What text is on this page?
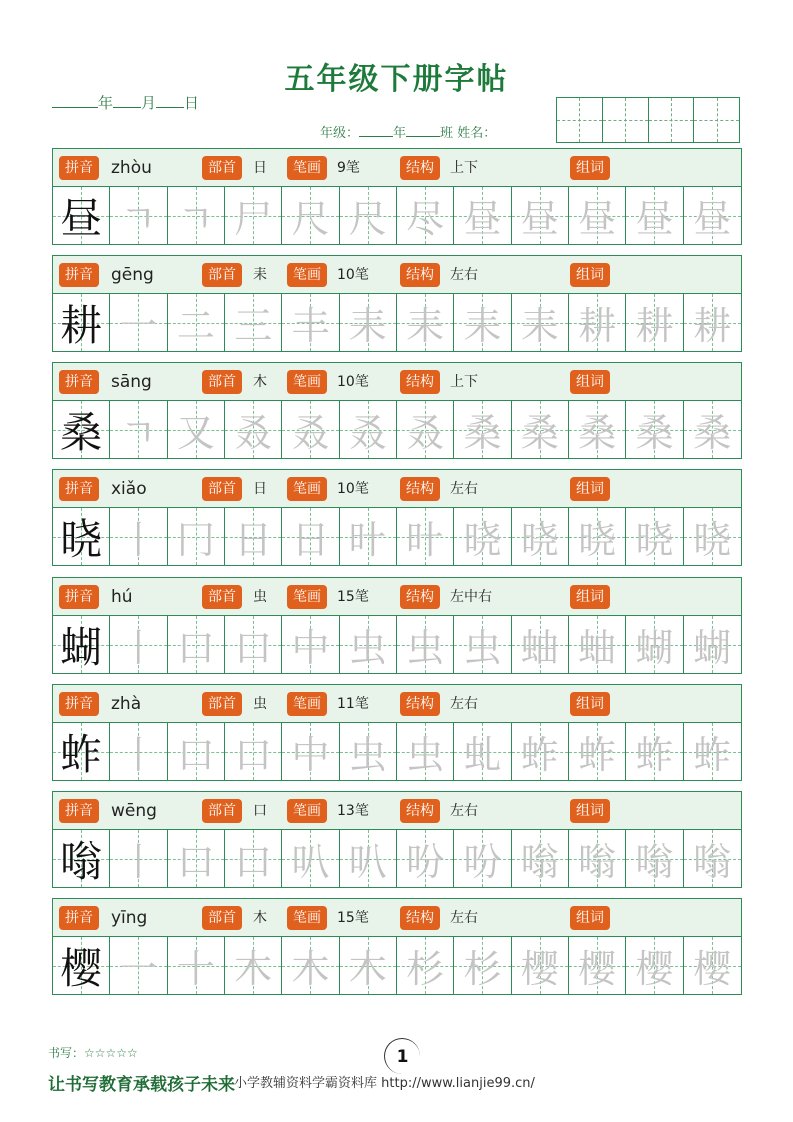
五年级下册字帖
年 月 日
年级：	年	班 姓名：
拼音	zhòu	部首	日	笔画	9笔	结构	上下	组词
昼 ㄱ ㄱ 尸 尺 尺 尽 昼 昼 昼 昼 昼
拼音	gēng	部首	耒	笔画	10笔	结构	左右	组词
耕 一 二 三 丰 耒 耒 耒 耒 耕 耕 耕
拼音	sāng	部首	木	笔画	10笔	结构	上下	组词
桑 ㄱ 又 叒 叒 叒 叒 桑 桑 桑 桑 桑
拼音	xiǎo	部首	日	笔画	10笔	结构	左右	组词
晓 丨 冂 日 日 旪 旪 晓 晓 晓 晓 晓
拼音	hú	部首	虫	笔画	15笔	结构	左中右	组词
蝴 丨 口 口 中 虫 虫 虫 蚰 蚰 蝴 蝴
拼音	zhà	部首	虫	笔画	11笔	结构	左右	组词
蚱 丨 口 口 中 虫 虫 虬 蚱 蚱 蚱 蚱
拼音	wēng	部首	口	笔画	13笔	结构	左右	组词
嗡 丨 口 口 叭 叭 吩 吩 嗡 嗡 嗡 嗡
拼音	yīng	部首	木	笔画	15笔	结构	左右	组词
樱 一 十 木 木 木 杉 杉 樱 樱 樱 樱
书写：☆☆☆☆☆	1
让书写教育承载孩子未来 小学教辅资料学霸资料库 http://www.lianjie99.cn/
